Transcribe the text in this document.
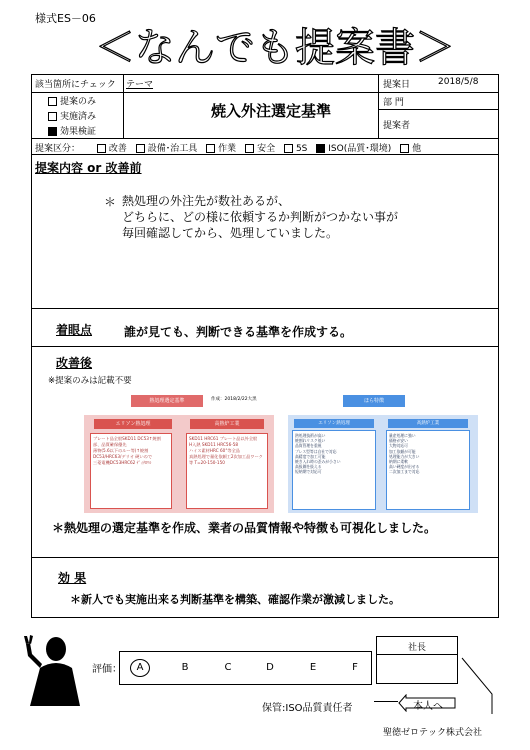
様式ES－06
＜なんでも提案書＞
該当箇所にチェック
提案のみ
実施済み
効果検証
テーマ
焼入外注選定基準
提案日	2018/5/8
部 門
提案者
提案区分：	改善 設備･治工具 作業 安全 5S ISO(品質･環境) 他
提案内容 or 改善前
＊ 熱処理の外注先が数社あるが、
どちらに、どの様に依頼するか判断がつかない事が
毎回確認してから、処理していました。
着眼点	誰が見ても、判断できる基準を作成する。
改善後
※提案のみは記載不要
熱処理選定基準	作成：2018/2/22大黒
エリソン熱処理	高熱炉工業
プレート品全般SKD11 DC53↑焼割部、品質確保優先
薄物(5.6以下のルー等)↑焼割
DC53/HRC63/デリオ 硬いので
三菱電機DC53HRC62 ﾃﾞｨﾃﾛﾘﾙ
SKD11 HRC61 プレート品以外全般
H入熱 SKD11 HRC56-58
ハイス素材HRC 60°等全品
真熱処理で量化依頼工2次加工品ワーク等 T=20-150-150
ほら特徴
エリソン熱処理	高熱炉工業
熱処理技術が高い
焼割れリスク低い
品質管理を重視
プレス型等は自社で対応
高精度で加工可能
焼き入れ時の歪みが小さい
高級鋼を扱える
短納期で対応可
量産処理に強い
価格が安い
大物対応可
加工依頼が可能
処理能力が大きい
納期に柔軟
高い硬度が出せる
二次加工まで対応
＊熱処理の選定基準を作成、業者の品質情報や特徴も可視化しました。
効 果
＊新人でも実施出来る判断基準を構築、確認作業が激減しました。
評価：	A	B	C	D	E	F
社長
保管:ISO品質責任者	本人へ
聖徳ゼロテック株式会社
